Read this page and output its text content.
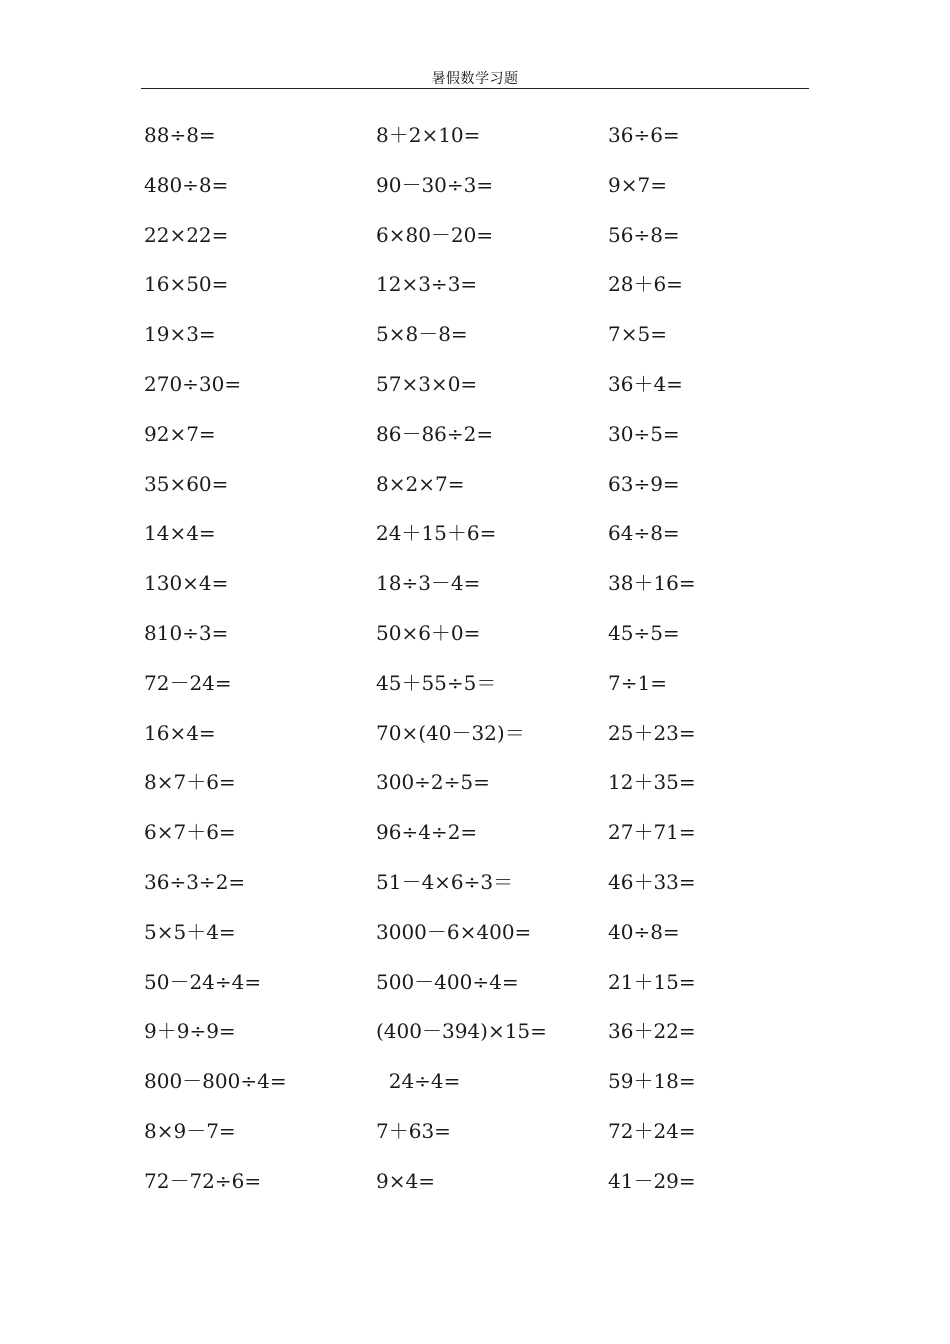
暑假数学习题
88÷8=
480÷8=
22×22=
16×50=
19×3=
270÷30=
92×7=
35×60=
14×4=
130×4=
810÷3=
72－24=
16×4=
8×7＋6=
6×7＋6=
36÷3÷2=
5×5＋4=
50－24÷4=
9＋9÷9=
800－800÷4=
8×9－7=
72－72÷6=
8＋2×10=
90－30÷3=
6×80－20=
12×3÷3=
5×8－8=
57×3×0=
86－86÷2=
8×2×7=
24＋15＋6=
18÷3－4=
50×6＋0=
45＋55÷5＝
70×(40－32)＝
300÷2÷5=
96÷4÷2=
51－4×6÷3＝
3000－6×400=
500－400÷4=
(400－394)×15=
24÷4=
7＋63=
9×4=
36÷6=
9×7=
56÷8=
28＋6=
7×5=
36＋4=
30÷5=
63÷9=
64÷8=
38＋16=
45÷5=
7÷1=
25＋23=
12＋35=
27＋71=
46＋33=
40÷8=
21＋15=
36＋22=
59＋18=
72＋24=
41－29=
